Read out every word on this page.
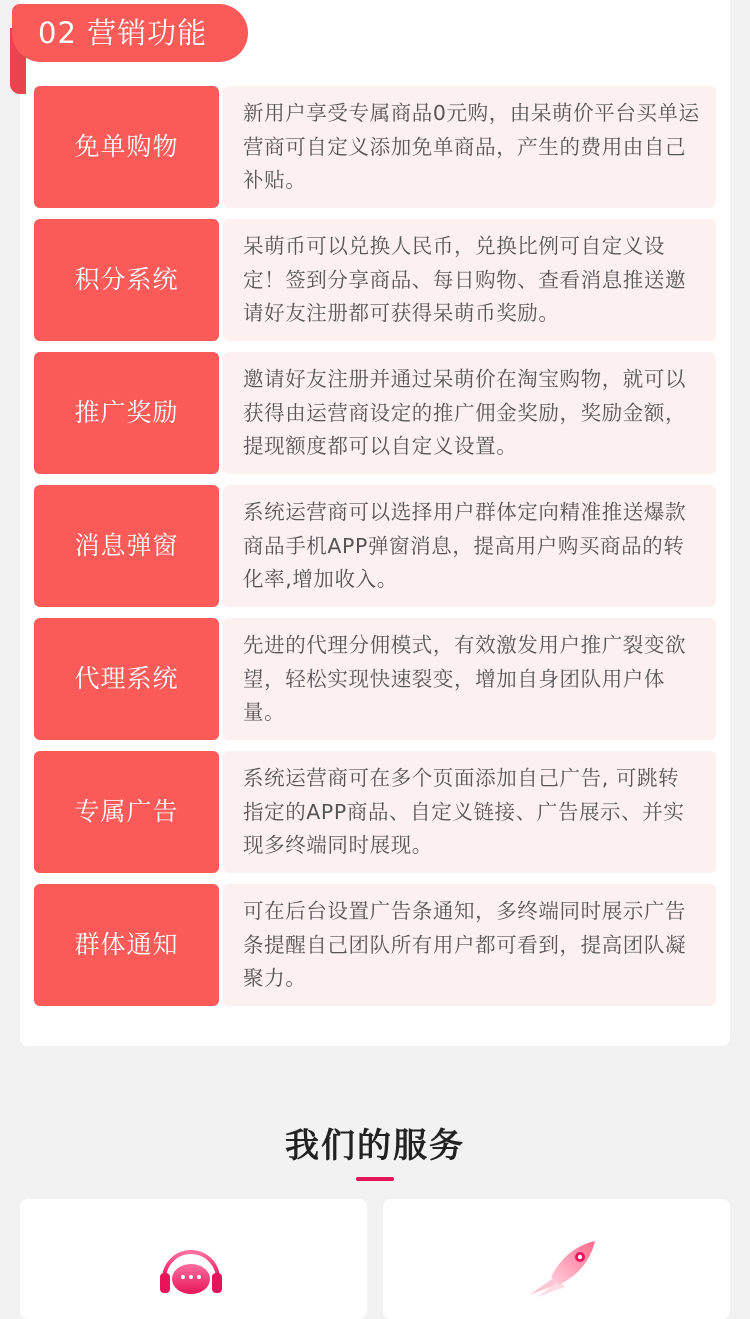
02 营销功能
免单购物
新用户享受专属商品0元购，由呆萌价平台买单运营商可自定义添加免单商品，产生的费用由自己补贴。
积分系统
呆萌币可以兑换人民币，兑换比例可自定义设定！签到分享商品、每日购物、查看消息推送邀请好友注册都可获得呆萌币奖励。
推广奖励
邀请好友注册并通过呆萌价在淘宝购物，就可以获得由运营商设定的推广佣金奖励，奖励金额，提现额度都可以自定义设置。
消息弹窗
系统运营商可以选择用户群体定向精准推送爆款商品手机APP弹窗消息，提高用户购买商品的转化率,增加收入。
代理系统
先进的代理分佣模式，有效激发用户推广裂变欲望，轻松实现快速裂变，增加自身团队用户体量。
专属广告
系统运营商可在多个页面添加自己广告, 可跳转指定的APP商品、自定义链接、广告展示、并实现多终端同时展现。
群体通知
可在后台设置广告条通知，多终端同时展示广告条提醒自己团队所有用户都可看到，提高团队凝聚力。
我们的服务
